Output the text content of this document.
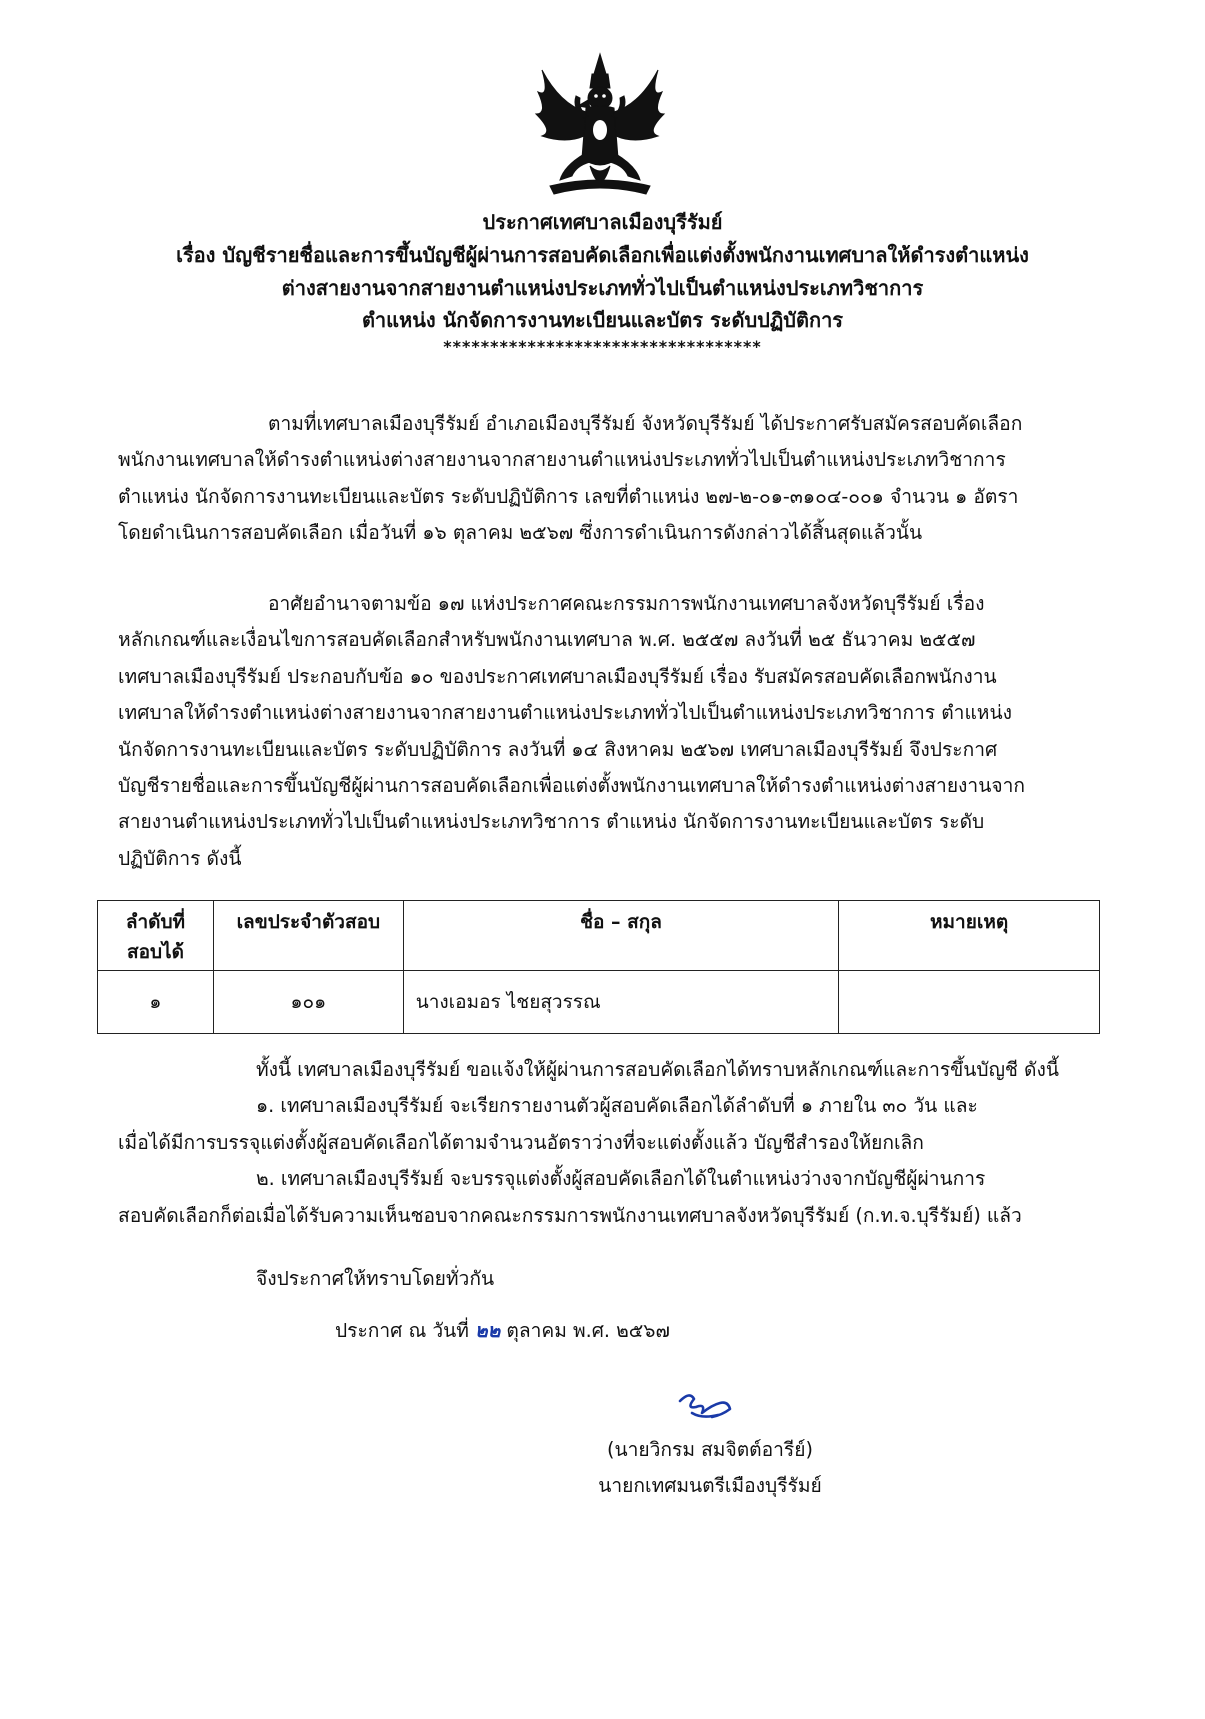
ประกาศเทศบาลเมืองบุรีรัมย์
เรื่อง บัญชีรายชื่อและการขึ้นบัญชีผู้ผ่านการสอบคัดเลือกเพื่อแต่งตั้งพนักงานเทศบาลให้ดำรงตำแหน่ง
ต่างสายงานจากสายงานตำแหน่งประเภททั่วไปเป็นตำแหน่งประเภทวิชาการ
ตำแหน่ง นักจัดการงานทะเบียนและบัตร ระดับปฏิบัติการ
**********************************
ตามที่เทศบาลเมืองบุรีรัมย์ อำเภอเมืองบุรีรัมย์ จังหวัดบุรีรัมย์ ได้ประกาศรับสมัครสอบคัดเลือก
พนักงานเทศบาลให้ดำรงตำแหน่งต่างสายงานจากสายงานตำแหน่งประเภททั่วไปเป็นตำแหน่งประเภทวิชาการ
ตำแหน่ง นักจัดการงานทะเบียนและบัตร ระดับปฏิบัติการ เลขที่ตำแหน่ง ๒๗-๒-๐๑-๓๑๐๔-๐๐๑ จำนวน ๑ อัตรา
โดยดำเนินการสอบคัดเลือก เมื่อวันที่ ๑๖ ตุลาคม ๒๕๖๗ ซึ่งการดำเนินการดังกล่าวได้สิ้นสุดแล้วนั้น
อาศัยอำนาจตามข้อ ๑๗ แห่งประกาศคณะกรรมการพนักงานเทศบาลจังหวัดบุรีรัมย์ เรื่อง
หลักเกณฑ์และเงื่อนไขการสอบคัดเลือกสำหรับพนักงานเทศบาล พ.ศ. ๒๕๕๗ ลงวันที่ ๒๕ ธันวาคม ๒๕๕๗
เทศบาลเมืองบุรีรัมย์ ประกอบกับข้อ ๑๐ ของประกาศเทศบาลเมืองบุรีรัมย์ เรื่อง รับสมัครสอบคัดเลือกพนักงาน
เทศบาลให้ดำรงตำแหน่งต่างสายงานจากสายงานตำแหน่งประเภททั่วไปเป็นตำแหน่งประเภทวิชาการ ตำแหน่ง
นักจัดการงานทะเบียนและบัตร ระดับปฏิบัติการ ลงวันที่ ๑๔ สิงหาคม ๒๕๖๗ เทศบาลเมืองบุรีรัมย์ จึงประกาศ
บัญชีรายชื่อและการขึ้นบัญชีผู้ผ่านการสอบคัดเลือกเพื่อแต่งตั้งพนักงานเทศบาลให้ดำรงตำแหน่งต่างสายงานจาก
สายงานตำแหน่งประเภททั่วไปเป็นตำแหน่งประเภทวิชาการ ตำแหน่ง นักจัดการงานทะเบียนและบัตร ระดับ
ปฏิบัติการ ดังนี้
ลำดับที่
สอบได้	เลขประจำตัวสอบ	ชื่อ – สกุล	หมายเหตุ
๑	๑๐๑	นางเอมอร ไชยสุวรรณ	
ทั้งนี้ เทศบาลเมืองบุรีรัมย์ ขอแจ้งให้ผู้ผ่านการสอบคัดเลือกได้ทราบหลักเกณฑ์และการขึ้นบัญชี ดังนี้
๑. เทศบาลเมืองบุรีรัมย์ จะเรียกรายงานตัวผู้สอบคัดเลือกได้ลำดับที่ ๑ ภายใน ๓๐ วัน และ
เมื่อได้มีการบรรจุแต่งตั้งผู้สอบคัดเลือกได้ตามจำนวนอัตราว่างที่จะแต่งตั้งแล้ว บัญชีสำรองให้ยกเลิก
๒. เทศบาลเมืองบุรีรัมย์ จะบรรจุแต่งตั้งผู้สอบคัดเลือกได้ในตำแหน่งว่างจากบัญชีผู้ผ่านการ
สอบคัดเลือกก็ต่อเมื่อได้รับความเห็นชอบจากคณะกรรมการพนักงานเทศบาลจังหวัดบุรีรัมย์ (ก.ท.จ.บุรีรัมย์) แล้ว
จึงประกาศให้ทราบโดยทั่วกัน
ประกาศ ณ วันที่ ๒๒ ตุลาคม พ.ศ. ๒๕๖๗
(นายวิกรม สมจิตต์อารีย์)
นายกเทศมนตรีเมืองบุรีรัมย์
